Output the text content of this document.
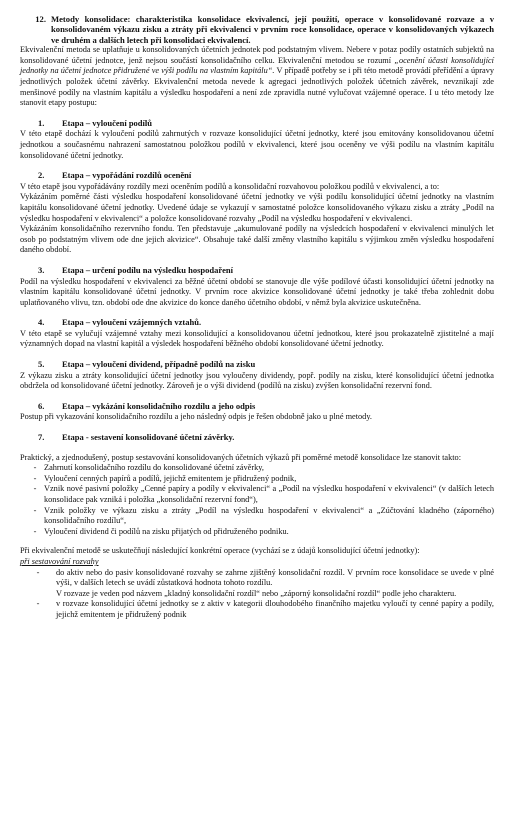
12. Metody konsolidace: charakteristika konsolidace ekvivalencí, její použití, operace v konsolidované rozvaze a v konsolidovaném výkazu zisku a ztráty při ekvivalenci v prvním roce konsolidace, operace v konsolidovaných výkazech ve druhém a dalších letech při konsolidaci ekvivalencí.

Ekvivalenční metoda se uplatňuje u konsolidovaných účetních jednotek pod podstatným vlivem. Nebere v potaz podíly ostatních subjektů na konsolidované účetní jednotce, jenž nejsou součástí konsolidačního celku. Ekvivalenční metodou se rozumí „ocenění účasti konsolidující jednotky na účetní jednotce přidružené ve výši podílu na vlastním kapitálu“. V případě potřeby se i při této metodě provádí přeřídění a úpravy jednotlivých položek účetní závěrky. Ekvivalenční metoda nevede k agregaci jednotlivých položek účetních závěrek, nevznikají zde menšinové podíly na vlastním kapitálu a výsledku hospodaření a není zde zpravidla nutné vylučovat vzájemné operace. I u této metody lze stanovit etapy postupu:

1.	Etapa – vyloučení podílů

V této etapě dochází k vyloučení podílů zahrnutých v rozvaze konsolidující účetní jednotky, které jsou emitovány konsolidovanou účetní jednotkou a současnému nahrazení samostatnou položkou podílů v ekvivalenci, které jsou oceněny ve výši podílu na vlastním kapitálu konsolidované účetní jednotky.

2.	Etapa – vypořádání rozdílů ocenění

V této etapě jsou vypořádávány rozdíly mezi oceněním podílů a konsolidační rozvahovou položkou podílů v ekvivalenci, a to:
Vykázáním poměrné části výsledku hospodaření konsolidované účetní jednotky ve výši podílu konsolidující účetní jednotky na vlastním kapitálu konsolidované účetní jednotky. Uvedené údaje se vykazují v samostatné položce konsolidovaného výkazu zisku a ztráty „Podíl na výsledku hospodaření v ekvivalenci“ a položce konsolidované rozvahy „Podíl na výsledku hospodaření v ekvivalenci.
Vykázáním konsolidačního rezervního fondu. Ten představuje „akumulované podíly na výsledcích hospodaření v ekvivalenci minulých let osob po podstatným vlivem ode dne jejich akvizice“. Obsahuje také další změny vlastního kapitálu s výjimkou změn výsledku hospodaření daného období.

3.	Etapa – určení podílu na výsledku hospodaření

Podíl na výsledku hospodaření v ekvivalenci za běžné účetní období se stanovuje dle výše podílové účasti konsolidující účetní jednotky na vlastním kapitálu konsolidované účetní jednotky. V prvním roce akvizice konsolidované účetní jednotky je také třeba zohlednit dobu uplatňovaného vlivu, tzn. období ode dne akvizice do konce daného účetního období, v němž byla akvizice uskutečněna.

4.	Etapa – vyloučení vzájemných vztahů.

V této etapě se vylučují vzájemné vztahy mezi konsolidující a konsolidovanou účetní jednotkou, které jsou prokazatelně zjistitelné a mají významných dopad na vlastní kapitál a výsledek hospodaření běžného období konsolidované účetní jednotky.

5.	Etapa – vyloučení dividend, případně podílů na zisku

Z výkazu zisku a ztráty konsolidující účetní jednotky jsou vyloučeny dividendy, popř. podíly na zisku, které konsolidující účetní jednotka obdržela od konsolidované účetní jednotky. Zároveň je o výši dividend (podílů na zisku) zvýšen konsolidační rezervní fond.

6.	Etapa – vykázání konsolidačního rozdílu a jeho odpis

Postup při vykazování konsolidačního rozdílu a jeho následný odpis je řešen obdobně jako u plné metody.

7.	Etapa - sestavení konsolidované účetní závěrky.

Praktický, a zjednodušený, postup sestavování konsolidovaných účetních výkazů při poměrné metodě konsolidace lze stanovit takto:

- Zahrnutí konsolidačního rozdílu do konsolidované účetní závěrky,
- Vyloučení cenných papírů a podílů, jejichž emitentem je přidružený podnik,
- Vznik nové pasivní položky „Cenné papíry a podíly v ekvivalenci“ a „Podíl na výsledku hospodaření v ekvivalenci“ (v dalších letech konsolidace pak vzniká i položka „konsolidační rezervní fond“),
- Vznik položky ve výkazu zisku a ztráty „Podíl na výsledku hospodaření v ekvivalenci“ a „Zúčtování kladného (záporného) konsolidačního rozdílu“,
- Vyloučení dividend či podílů na zisku přijatých od přidruženého podniku.

Při ekvivalenční metodě se uskutečňují následující konkrétní operace (vychází se z údajů konsolidující účetní jednotky):

při sestavování rozvahy
-	do aktiv nebo do pasiv konsolidované rozvahy se zahrne zjištěný konsolidační rozdíl. V prvním roce konsolidace se uvede v plné výši, v dalších letech se uvádí zůstatková hodnota tohoto rozdílu.
V rozvaze je veden pod názvem „kladný konsolidační rozdíl“ nebo „záporný konsolidační rozdíl“ podle jeho charakteru.
-	v rozvaze konsolidující účetní jednotky se z aktiv v kategorii dlouhodobého finančního majetku vyloučí ty cenné papíry a podíly, jejichž emitentem je přidružený podnik
